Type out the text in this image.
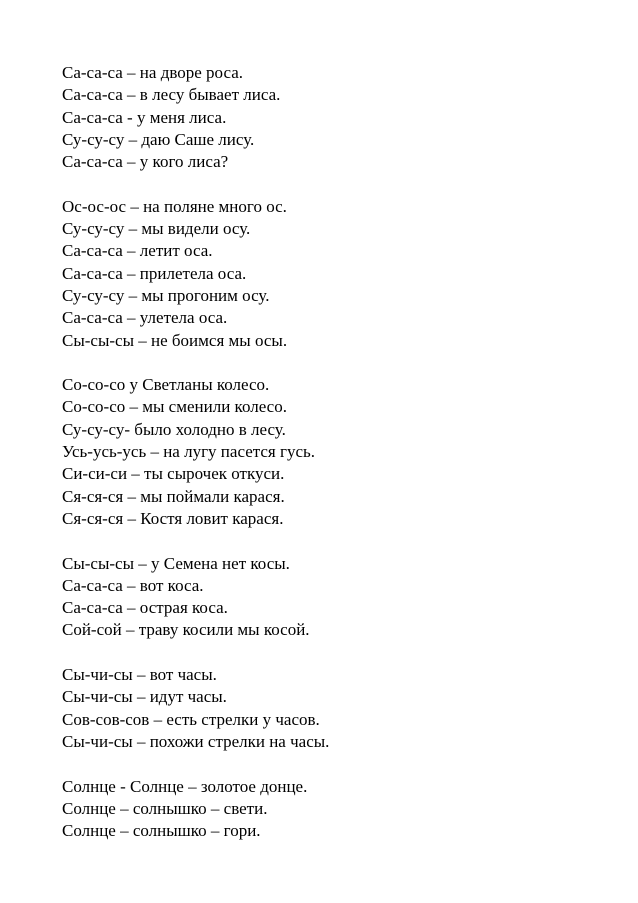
Са-са-са – на дворе роса.
Са-са-са – в лесу бывает лиса.
Са-са-са - у меня лиса.
Су-су-су – даю Саше лису.
Са-са-са – у кого лиса?
Ос-ос-ос – на поляне много ос.
Су-су-су – мы видели осу.
Са-са-са – летит оса.
Са-са-са – прилетела оса.
Су-су-су – мы прогоним осу.
Са-са-са – улетела оса.
Сы-сы-сы – не боимся мы осы.
Со-со-со у Светланы колесо.
Со-со-со – мы сменили колесо.
Су-су-су- было холодно в лесу.
Усь-усь-усь – на лугу пасется гусь.
Си-си-си – ты сырочек откуси.
Ся-ся-ся – мы поймали карася.
Ся-ся-ся – Костя ловит карася.
Сы-сы-сы – у Семена нет косы.
Са-са-са – вот коса.
Са-са-са – острая коса.
Сой-сой – траву косили мы косой.
Сы-чи-сы – вот часы.
Сы-чи-сы – идут часы.
Сов-сов-сов – есть стрелки у часов.
Сы-чи-сы – похожи стрелки на часы.
Солнце - Солнце – золотое донце.
Солнце – солнышко – свети.
Солнце – солнышко – гори.
